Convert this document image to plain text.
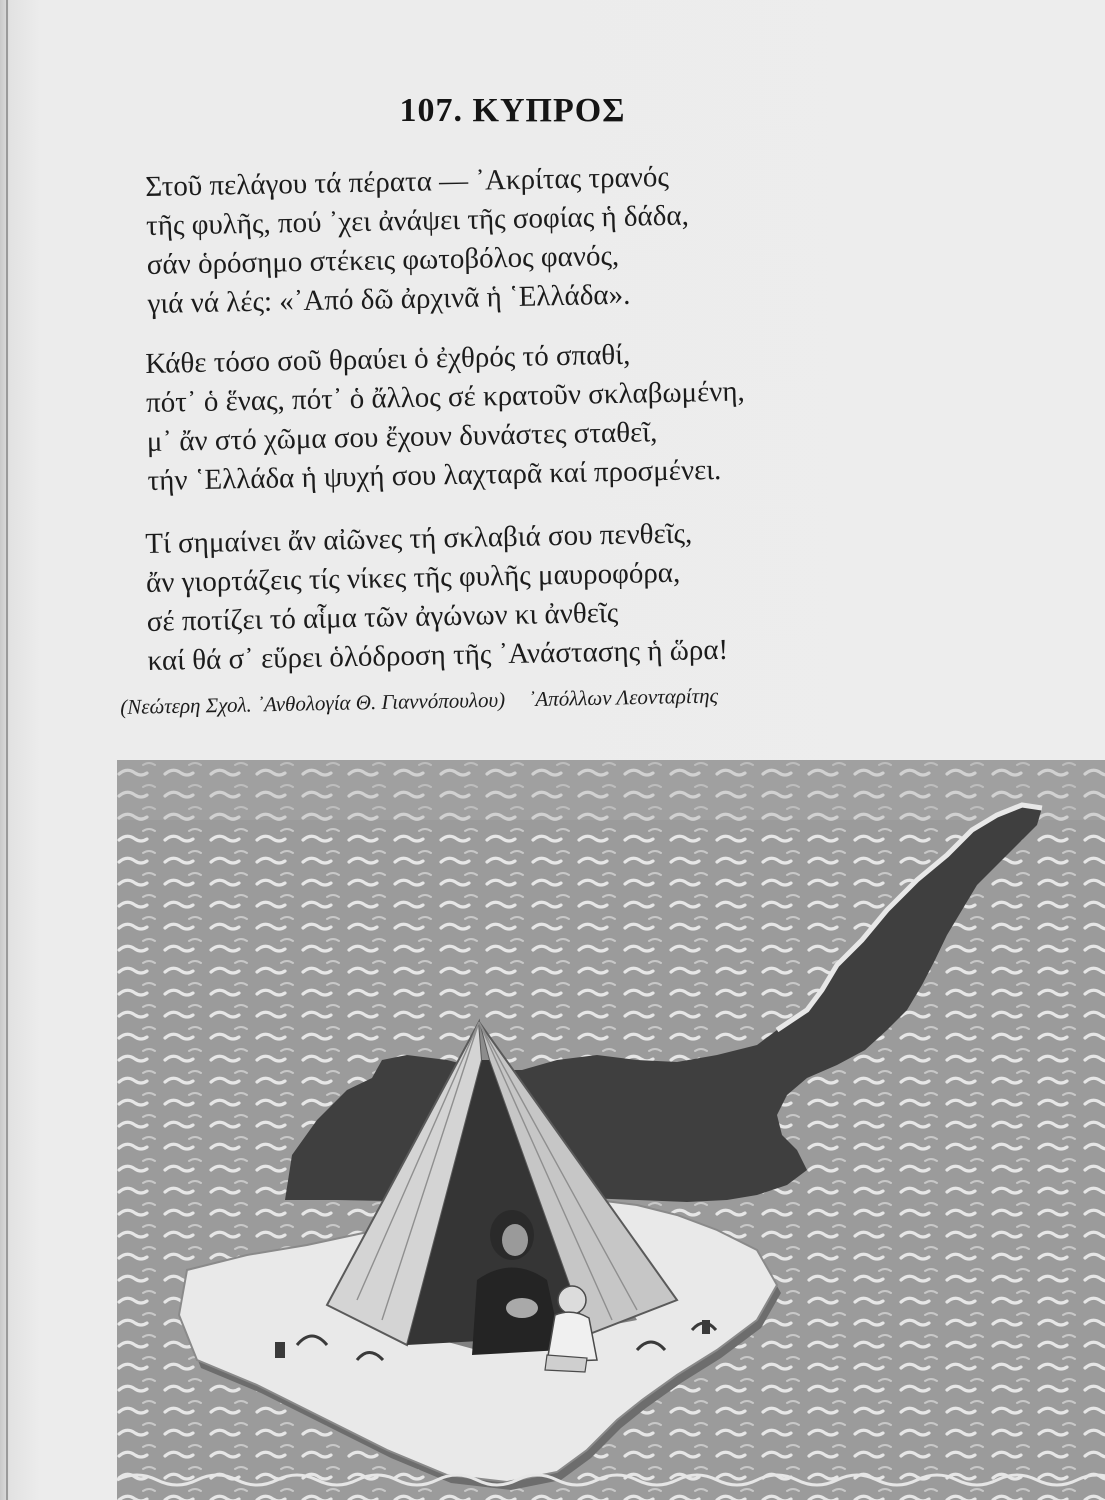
107. ΚΥΠΡΟΣ
Στοῦ πελάγου τά πέρατα — ᾿Ακρίτας τρανός
τῆς φυλῆς, πού ᾿χει ἀνάψει τῆς σοφίας ἡ δάδα,
σάν ὁρόσημο στέκεις φωτοβόλος φανός,
γιά νά λές: «᾿Από δῶ ἀρχινᾶ ἡ ῾Ελλάδα».
Κάθε τόσο σοῦ θραύει ὁ ἐχθρός τό σπαθί,
πότ᾿ ὁ ἕνας, πότ᾿ ὁ ἄλλος σέ κρατοῦν σκλαβωμένη,
μ᾿ ἄν στό χῶμα σου ἔχουν δυνάστες σταθεῖ,
τήν ῾Ελλάδα ἡ ψυχή σου λαχταρᾶ καί προσμένει.
Τί σημαίνει ἄν αἰῶνες τή σκλαβιά σου πενθεῖς,
ἄν γιορτάζεις τίς νίκες τῆς φυλῆς μαυροφόρα,
σέ ποτίζει τό αἷμα τῶν ἀγώνων κι ἀνθεῖς
καί θά σ᾿ εὕρει ὁλόδροση τῆς ᾿Ανάστασης ἡ ὥρα!
(Νεώτερη Σχολ. ᾿Ανθολογία Θ. Γιαννόπουλου) ᾿Απόλλων Λεονταρίτης
